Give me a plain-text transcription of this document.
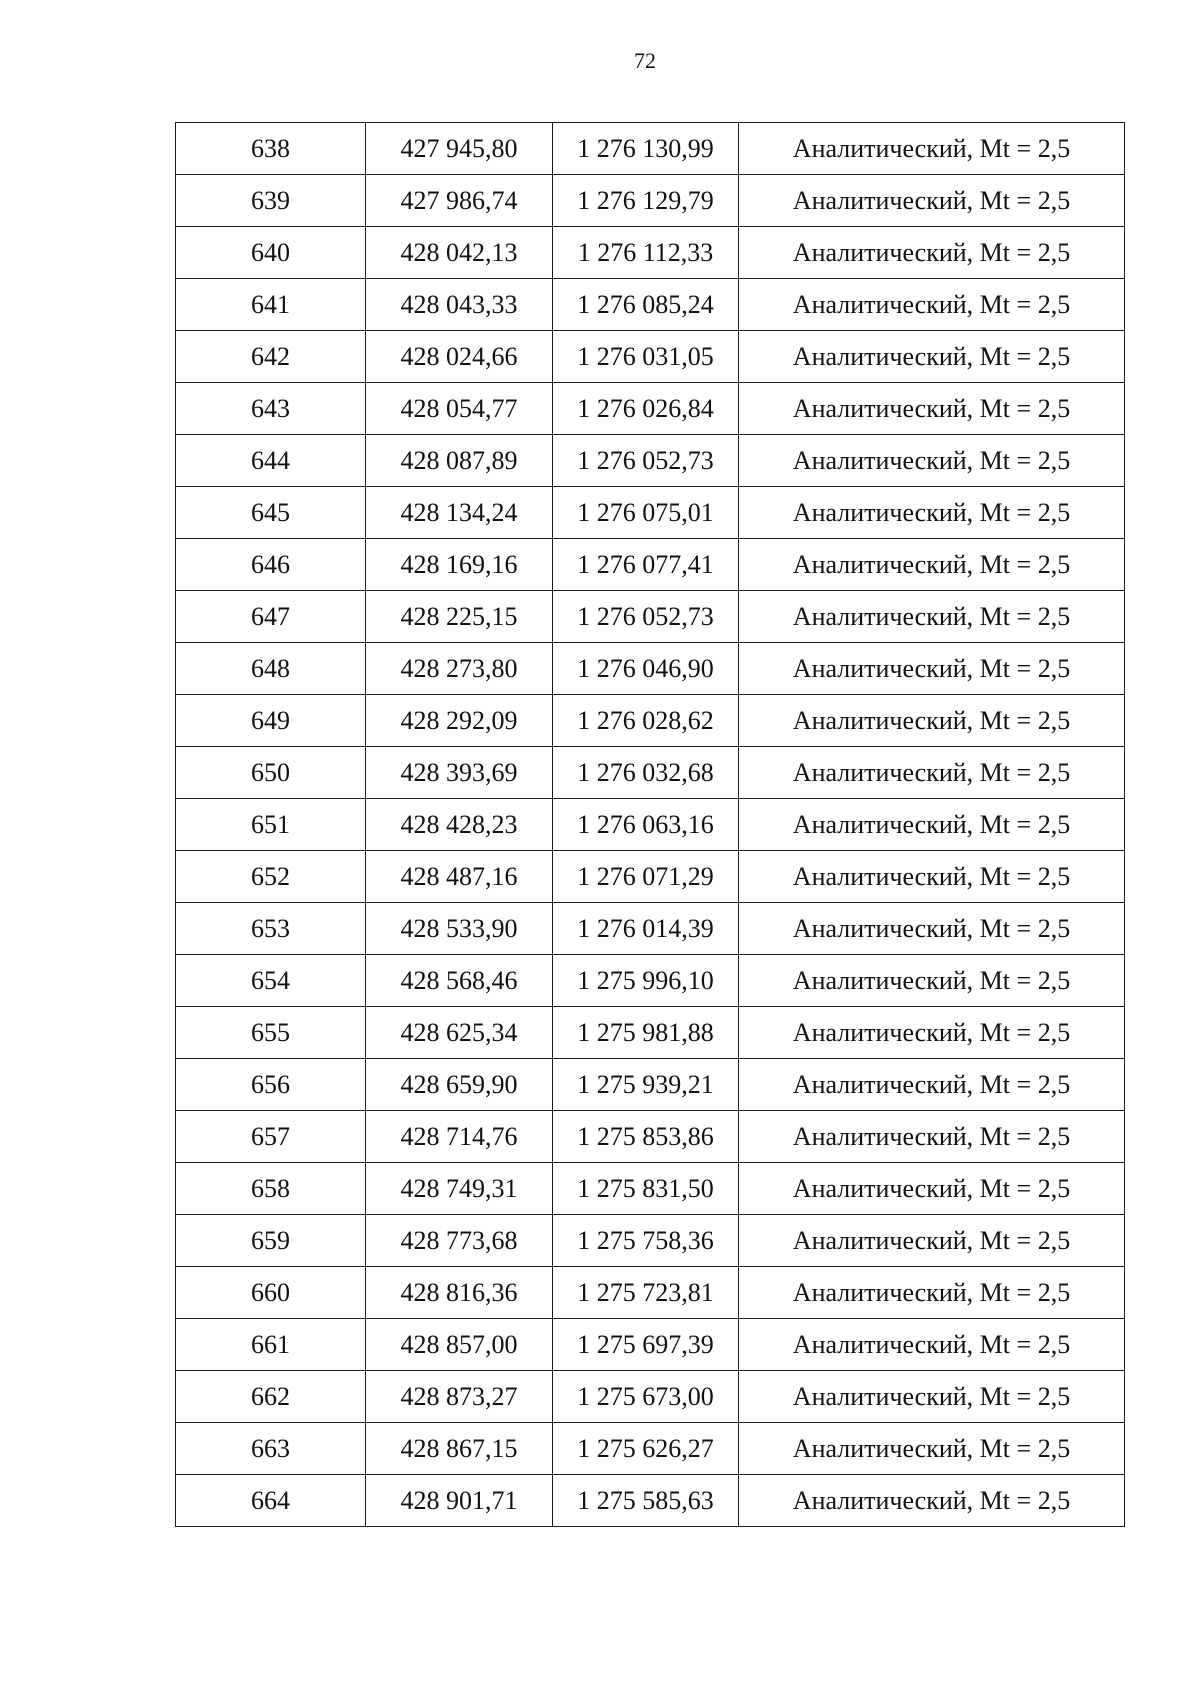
72
638	427 945,80	1 276 130,99	Аналитический, Mt = 2,5
639	427 986,74	1 276 129,79	Аналитический, Mt = 2,5
640	428 042,13	1 276 112,33	Аналитический, Mt = 2,5
641	428 043,33	1 276 085,24	Аналитический, Mt = 2,5
642	428 024,66	1 276 031,05	Аналитический, Mt = 2,5
643	428 054,77	1 276 026,84	Аналитический, Mt = 2,5
644	428 087,89	1 276 052,73	Аналитический, Mt = 2,5
645	428 134,24	1 276 075,01	Аналитический, Mt = 2,5
646	428 169,16	1 276 077,41	Аналитический, Mt = 2,5
647	428 225,15	1 276 052,73	Аналитический, Mt = 2,5
648	428 273,80	1 276 046,90	Аналитический, Mt = 2,5
649	428 292,09	1 276 028,62	Аналитический, Mt = 2,5
650	428 393,69	1 276 032,68	Аналитический, Mt = 2,5
651	428 428,23	1 276 063,16	Аналитический, Mt = 2,5
652	428 487,16	1 276 071,29	Аналитический, Mt = 2,5
653	428 533,90	1 276 014,39	Аналитический, Mt = 2,5
654	428 568,46	1 275 996,10	Аналитический, Mt = 2,5
655	428 625,34	1 275 981,88	Аналитический, Mt = 2,5
656	428 659,90	1 275 939,21	Аналитический, Mt = 2,5
657	428 714,76	1 275 853,86	Аналитический, Mt = 2,5
658	428 749,31	1 275 831,50	Аналитический, Mt = 2,5
659	428 773,68	1 275 758,36	Аналитический, Mt = 2,5
660	428 816,36	1 275 723,81	Аналитический, Mt = 2,5
661	428 857,00	1 275 697,39	Аналитический, Mt = 2,5
662	428 873,27	1 275 673,00	Аналитический, Mt = 2,5
663	428 867,15	1 275 626,27	Аналитический, Mt = 2,5
664	428 901,71	1 275 585,63	Аналитический, Mt = 2,5
